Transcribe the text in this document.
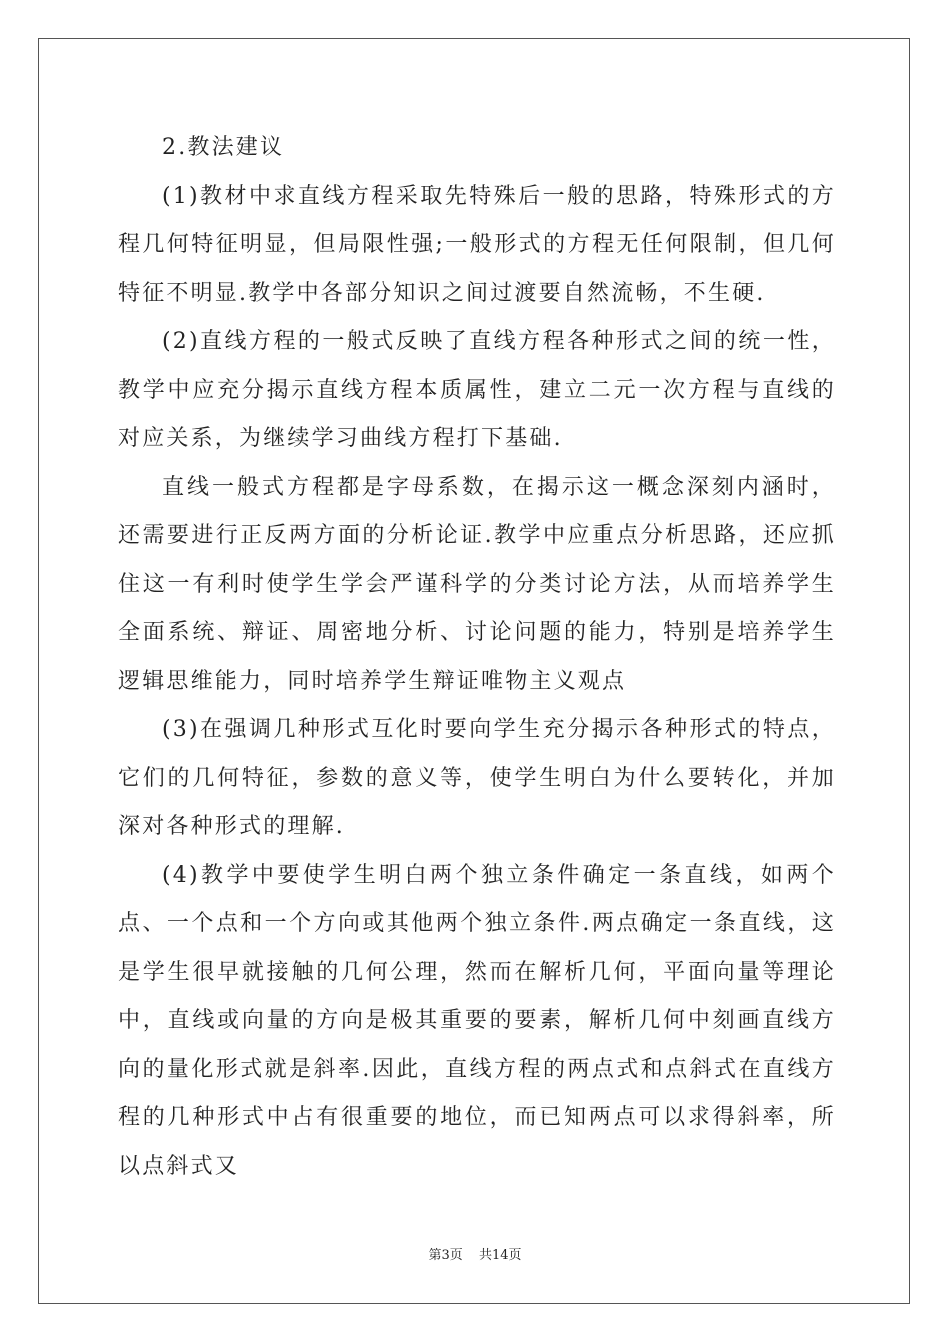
2.教法建议

(1)教材中求直线方程采取先特殊后一般的思路，特殊形式的方程几何特征明显，但局限性强;一般形式的方程无任何限制，但几何特征不明显.教学中各部分知识之间过渡要自然流畅，不生硬.

(2)直线方程的一般式反映了直线方程各种形式之间的统一性，教学中应充分揭示直线方程本质属性，建立二元一次方程与直线的对应关系，为继续学习曲线方程打下基础.

直线一般式方程都是字母系数，在揭示这一概念深刻内涵时，还需要进行正反两方面的分析论证.教学中应重点分析思路，还应抓住这一有利时使学生学会严谨科学的分类讨论方法，从而培养学生全面系统、辩证、周密地分析、讨论问题的能力，特别是培养学生逻辑思维能力，同时培养学生辩证唯物主义观点

(3)在强调几种形式互化时要向学生充分揭示各种形式的特点，它们的几何特征，参数的意义等，使学生明白为什么要转化，并加深对各种形式的理解.

(4)教学中要使学生明白两个独立条件确定一条直线，如两个点、一个点和一个方向或其他两个独立条件.两点确定一条直线，这是学生很早就接触的几何公理，然而在解析几何，平面向量等理论中，直线或向量的方向是极其重要的要素，解析几何中刻画直线方向的量化形式就是斜率.因此，直线方程的两点式和点斜式在直线方程的几种形式中占有很重要的地位，而已知两点可以求得斜率，所以点斜式又

第3页 共14页
